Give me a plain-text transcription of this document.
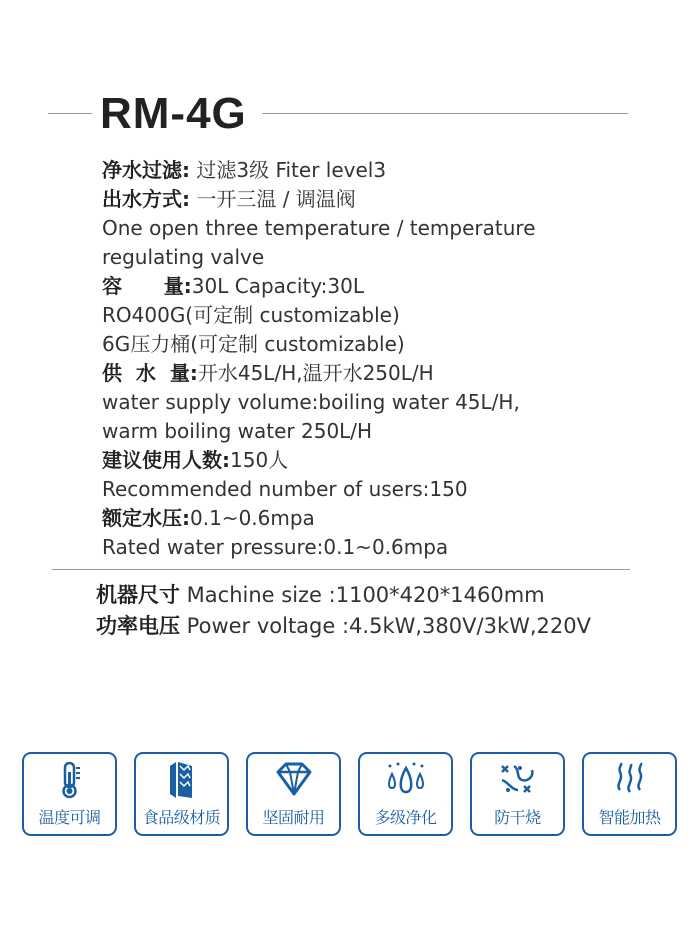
RM-4G
净水过滤: 过滤3级 Fiter level3
出水方式: 一开三温 / 调温阀
One open three temperature / temperature
regulating valve
容      量:30L Capacity:30L
RO400G(可定制 customizable)
6G压力桶(可定制 customizable)
供  水  量:开水45L/H,温开水250L/H
water supply volume:boiling water 45L/H,
warm boiling water 250L/H
建议使用人数:150人
Recommended number of users:150
额定水压:0.1~0.6mpa
Rated water pressure:0.1~0.6mpa
机器尺寸 Machine size :1100*420*1460mm
功率电压 Power voltage :4.5kW,380V/3kW,220V
温度可调	食品级材质	坚固耐用	多级净化	防干烧	智能加热
